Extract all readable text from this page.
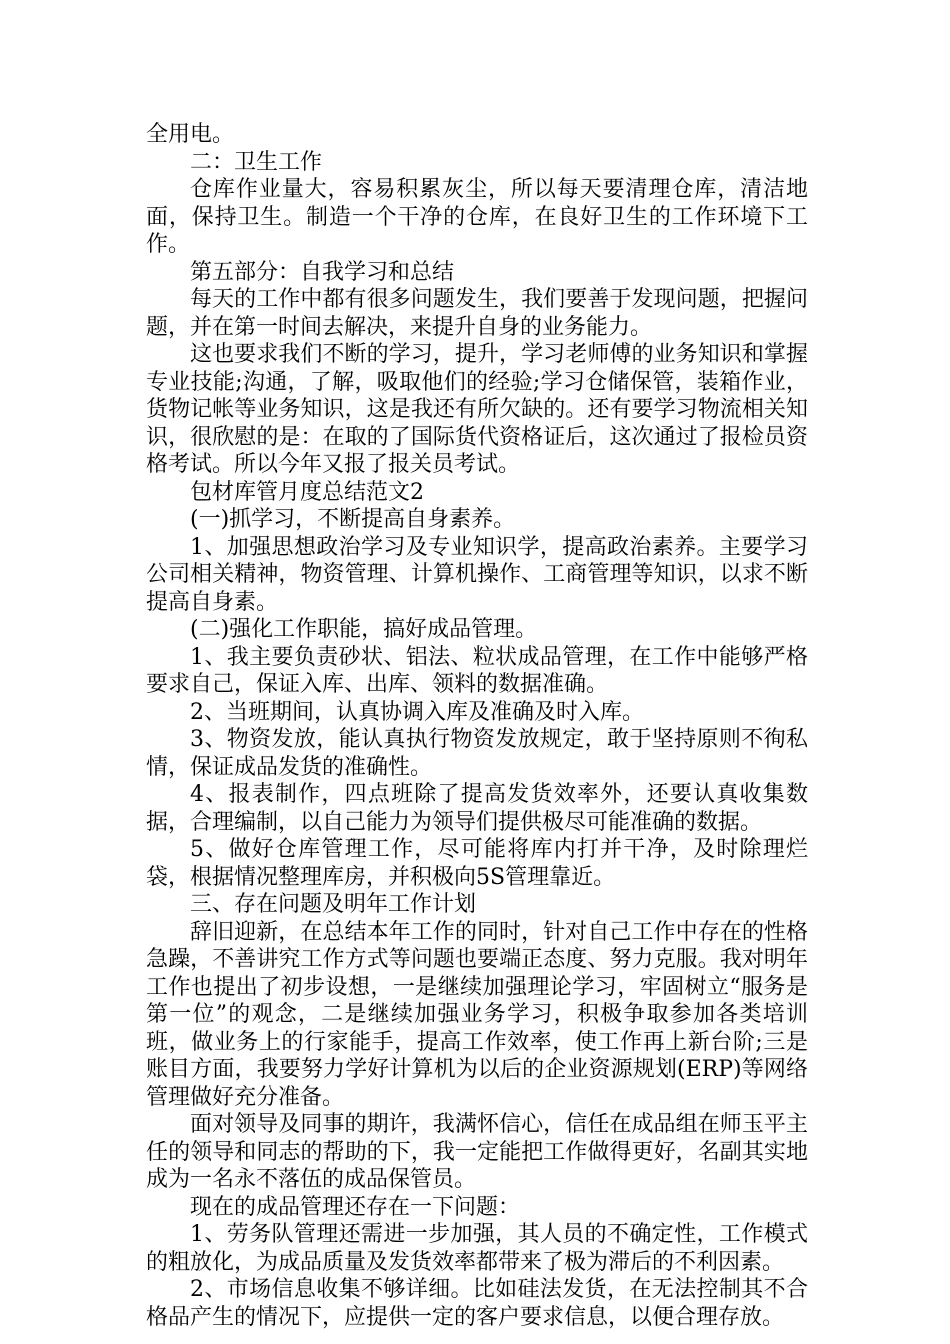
全用电。

二：卫生工作

仓库作业量大，容易积累灰尘，所以每天要清理仓库，清洁地面，保持卫生。制造一个干净的仓库，在良好卫生的工作环境下工作。

第五部分：自我学习和总结

每天的工作中都有很多问题发生，我们要善于发现问题，把握问题，并在第一时间去解决，来提升自身的业务能力。

这也要求我们不断的学习，提升，学习老师傅的业务知识和掌握专业技能;沟通，了解，吸取他们的经验;学习仓储保管，装箱作业，货物记帐等业务知识，这是我还有所欠缺的。还有要学习物流相关知识，很欣慰的是：在取的了国际货代资格证后，这次通过了报检员资格考试。所以今年又报了报关员考试。

包材库管月度总结范文2

(一)抓学习，不断提高自身素养。

1、加强思想政治学习及专业知识学，提高政治素养。主要学习公司相关精神，物资管理、计算机操作、工商管理等知识，以求不断提高自身素。

(二)强化工作职能，搞好成品管理。

1、我主要负责砂状、铝法、粒状成品管理，在工作中能够严格要求自己，保证入库、出库、领料的数据准确。

2、当班期间，认真协调入库及准确及时入库。

3、物资发放，能认真执行物资发放规定，敢于坚持原则不徇私情，保证成品发货的准确性。

4、报表制作，四点班除了提高发货效率外，还要认真收集数据，合理编制，以自己能力为领导们提供极尽可能准确的数据。

5、做好仓库管理工作，尽可能将库内打并干净，及时除理烂袋，根据情况整理库房，并积极向5S管理靠近。

三、存在问题及明年工作计划

辞旧迎新，在总结本年工作的同时，针对自己工作中存在的性格急躁，不善讲究工作方式等问题也要端正态度、努力克服。我对明年工作也提出了初步设想，一是继续加强理论学习，牢固树立“服务是第一位”的观念，二是继续加强业务学习，积极争取参加各类培训班，做业务上的行家能手，提高工作效率，使工作再上新台阶;三是账目方面，我要努力学好计算机为以后的企业资源规划(ERP)等网络管理做好充分准备。

面对领导及同事的期许，我满怀信心，信任在成品组在师玉平主任的领导和同志的帮助的下，我一定能把工作做得更好，名副其实地成为一名永不落伍的成品保管员。

现在的成品管理还存在一下问题：

1、劳务队管理还需进一步加强，其人员的不确定性，工作模式的粗放化，为成品质量及发货效率都带来了极为滞后的不利因素。

2、市场信息收集不够详细。比如硅法发货，在无法控制其不合格品产生的情况下，应提供一定的客户要求信息，以便合理存放。
